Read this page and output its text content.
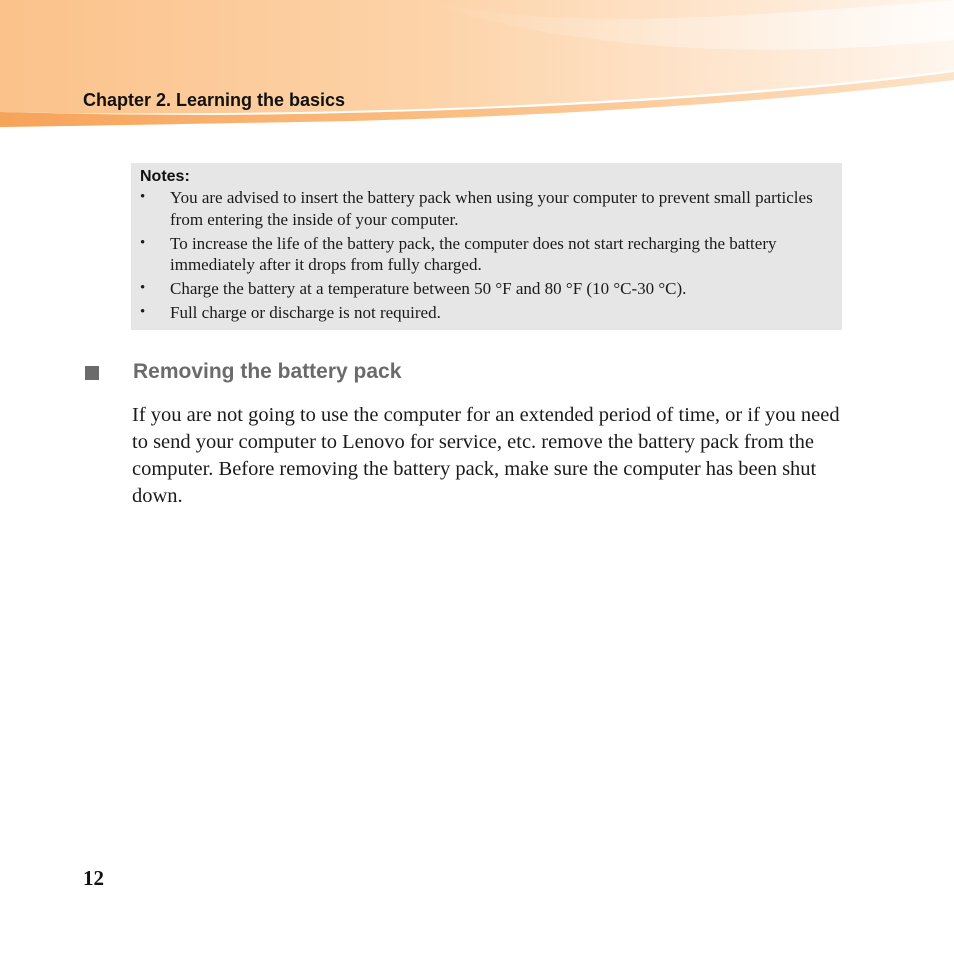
Chapter 2. Learning the basics

Notes:

•	You are advised to insert the battery pack when using your computer to prevent small particles from entering the inside of your computer.
•	To increase the life of the battery pack, the computer does not start recharging the battery immediately after it drops from fully charged.
•	Charge the battery at a temperature between 50 °F and 80 °F (10 °C-30 °C).
•	Full charge or discharge is not required.
Removing the battery pack

If you are not going to use the computer for an extended period of time, or if you need to send your computer to Lenovo for service, etc. remove the battery pack from the computer. Before removing the battery pack, make sure the computer has been shut down.

12
